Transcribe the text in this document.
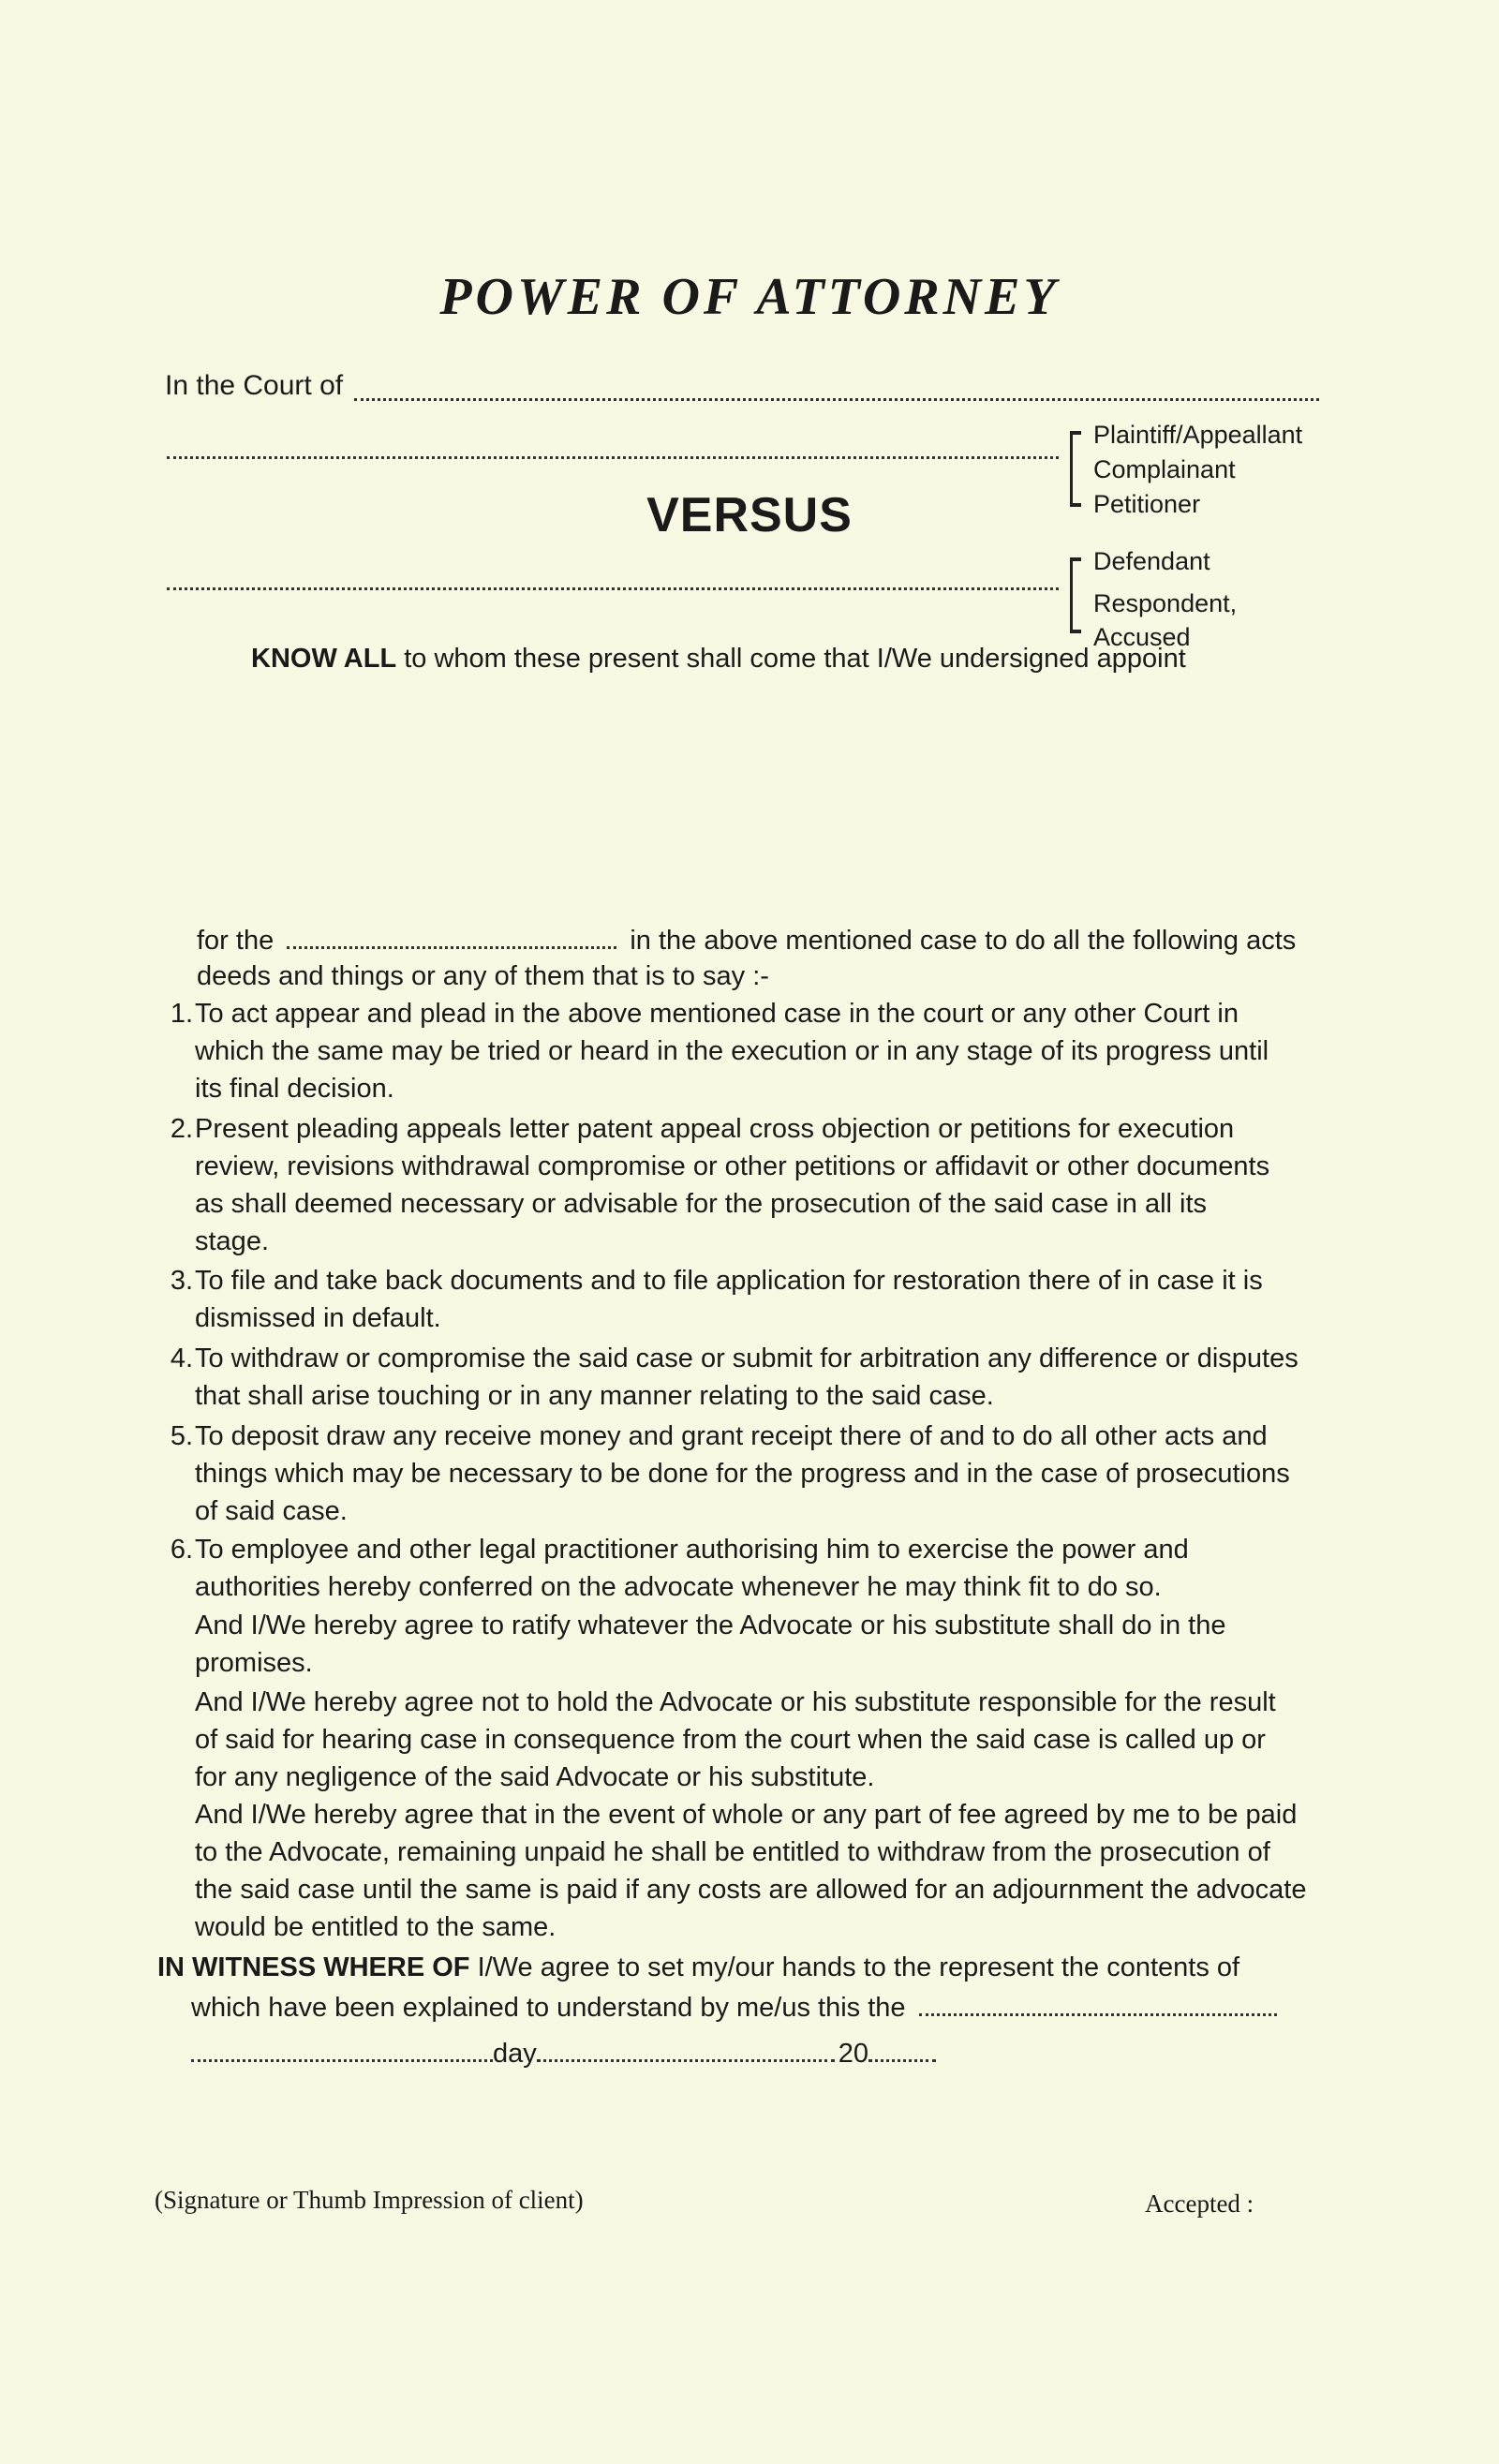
POWER OF ATTORNEY
In the Court of
Plaintiff/Appeallant
Complainant
Petitioner
VERSUS
Defendant
Respondent,
Accused
KNOW ALL to whom these present shall come that I/We undersigned appoint
for the	in the above mentioned case to do all the following acts
deeds and things or any of them that is to say :-
1. To act appear and plead in the above mentioned case in the court or any other Court in
which the same may be tried or heard in the execution or in any stage of its progress until
its final decision.
2. Present pleading appeals letter patent appeal cross objection or petitions for execution
review, revisions withdrawal compromise or other petitions or affidavit or other documents
as shall deemed necessary or advisable for the prosecution of the said case in all its
stage.
3. To file and take back documents and to file application for restoration there of in case it is
dismissed in default.
4. To withdraw or compromise the said case or submit for arbitration any difference or disputes
that shall arise touching or in any manner relating to the said case.
5. To deposit draw any receive money and grant receipt there of and to do all other acts and
things which may be necessary to be done for the progress and in the case of prosecutions
of said case.
6. To employee and other legal practitioner authorising him to exercise the power and
authorities hereby conferred on the advocate whenever he may think fit to do so.
And I/We hereby agree to ratify whatever the Advocate or his substitute shall do in the
promises.
And I/We hereby agree not to hold the Advocate or his substitute responsible for the result
of said for hearing case in consequence from the court when the said case is called up or
for any negligence of the said Advocate or his substitute.
And I/We hereby agree that in the event of whole or any part of fee agreed by me to be paid
to the Advocate, remaining unpaid he shall be entitled to withdraw from the prosecution of
the said case until the same is paid if any costs are allowed for an adjournment the advocate
would be entitled to the same.
IN WITNESS WHERE OF I/We agree to set my/our hands to the represent the contents of
which have been explained to understand by me/us this the
day	20
(Signature or Thumb Impression of client)	Accepted :
